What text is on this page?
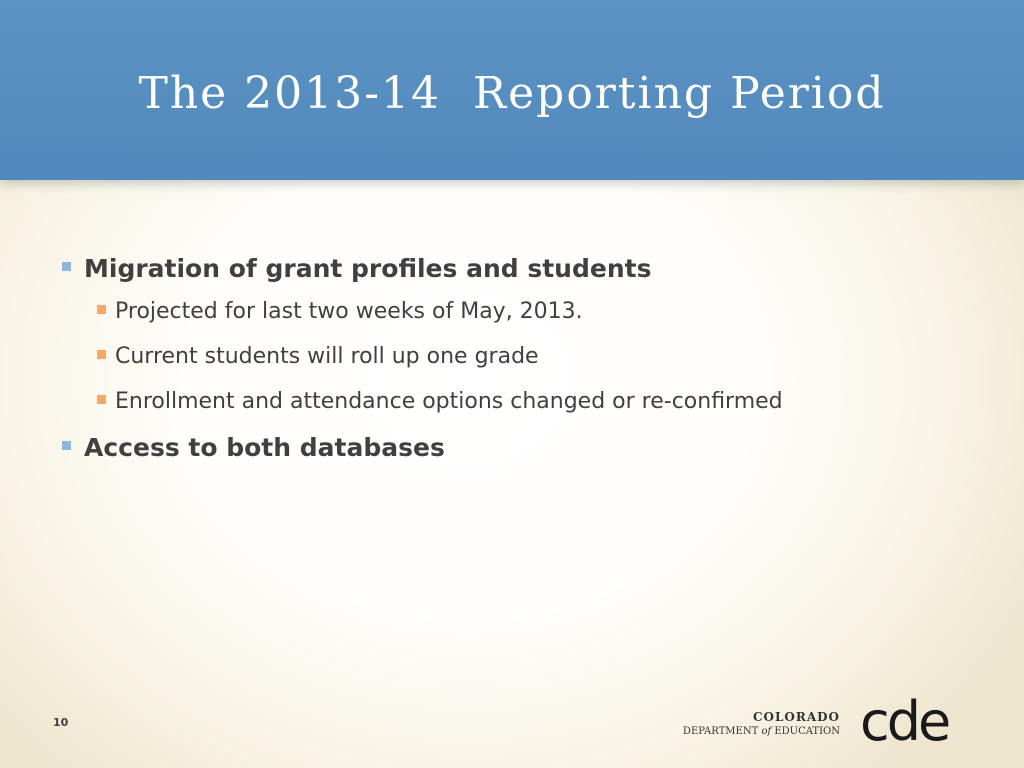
The 2013-14  Reporting Period
Migration of grant profiles and students
Projected for last two weeks of May, 2013.
Current students will roll up one grade
Enrollment and attendance options changed or re-confirmed
Access to both databases
10	COLORADO
DEPARTMENT of EDUCATION cde
